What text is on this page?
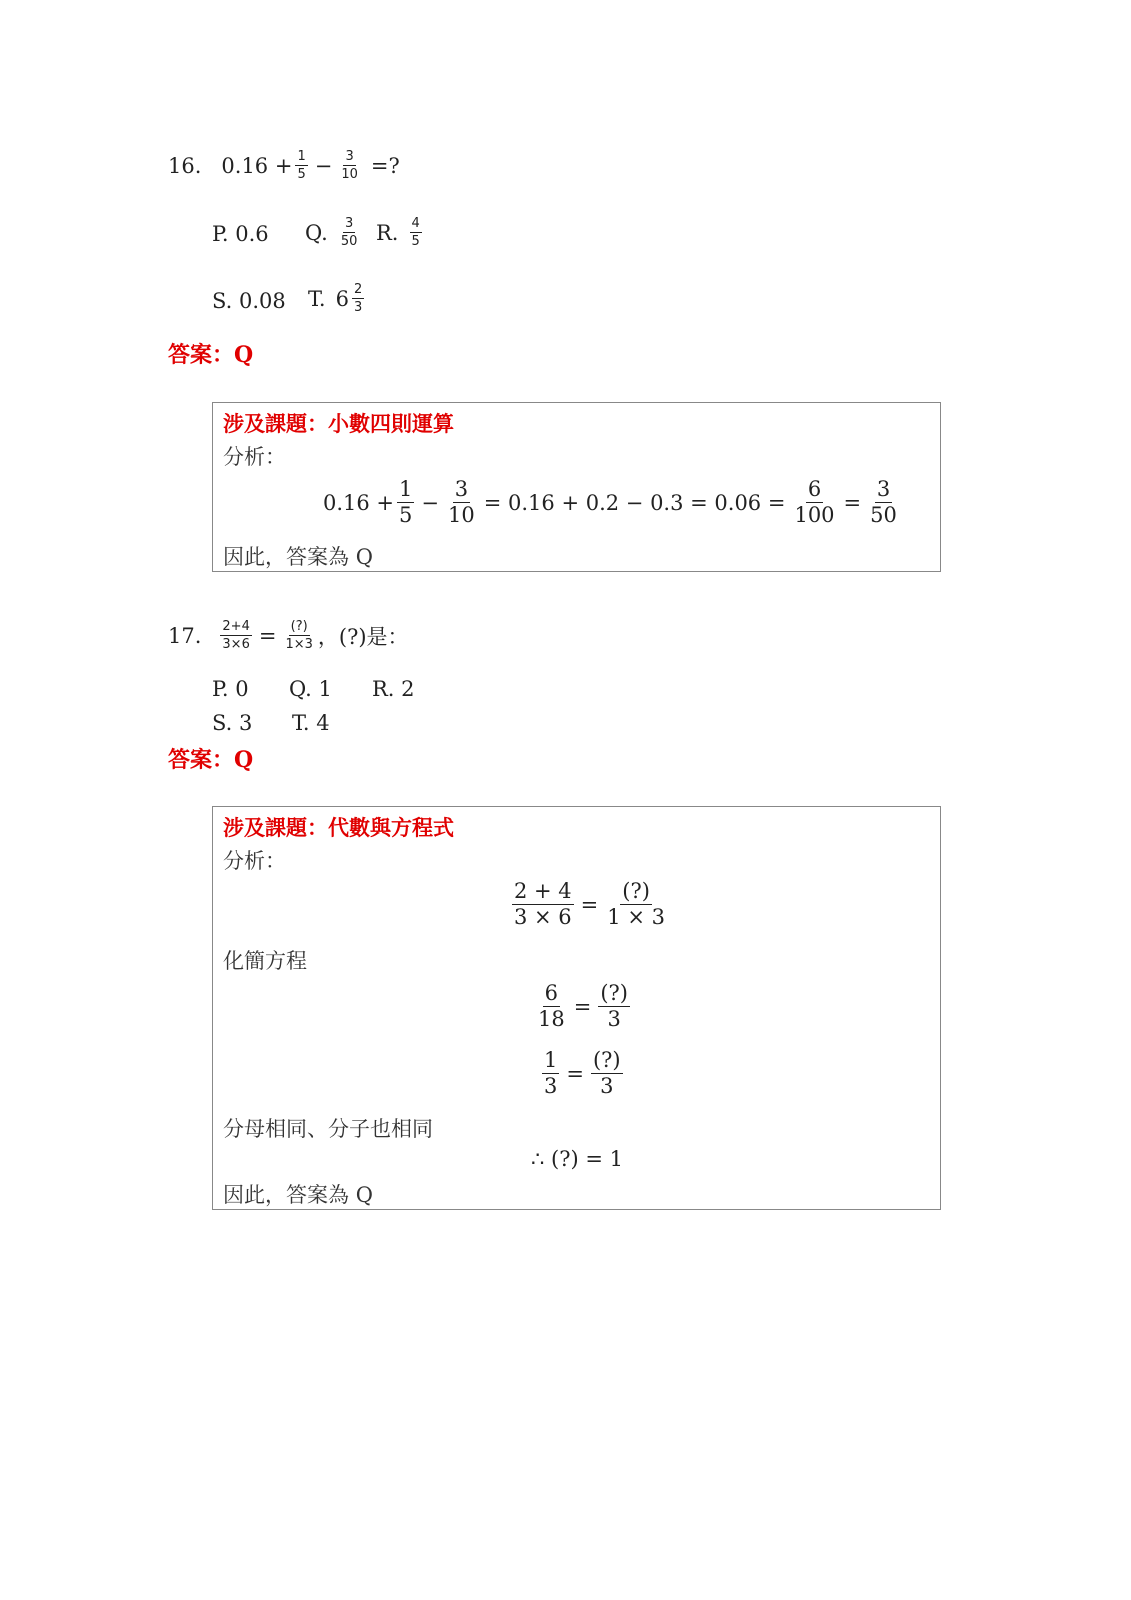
16. $0.16 + \frac{1}{5} - \frac{3}{10}$ =?
P. 0.6 Q. $\frac{3}{50} R$. $\frac{4}{5}$
S. 0.08 T. $6 \frac{2}{3}$
答案：Q
涉及課題：小數四則運算
分析：
$0.16 + \frac{1}{5} - \frac{3}{10} = 0.16 + 0.2 - 0.3 = 0.06 = \frac{6}{100} = \frac{3}{50}$
因此，答案為 Q
17. $\frac{2+4}{3\times 6} = \frac{(?)}{1\times 3}$ ，(?)是：
P. 0 Q. 1 R. 2
S. 3 T. 4
答案：Q
涉及課題：代數與方程式
分析：
$\frac{2 + 4}{3 \times 6} = \frac{(?)}{1 \times 3}$
化簡方程
$\frac{6}{18} = \frac{(?)}{3}$
$\frac{1}{3} = \frac{(?)}{3}$
分母相同、分子也相同
∴ (?) = 1
因此，答案為 Q
